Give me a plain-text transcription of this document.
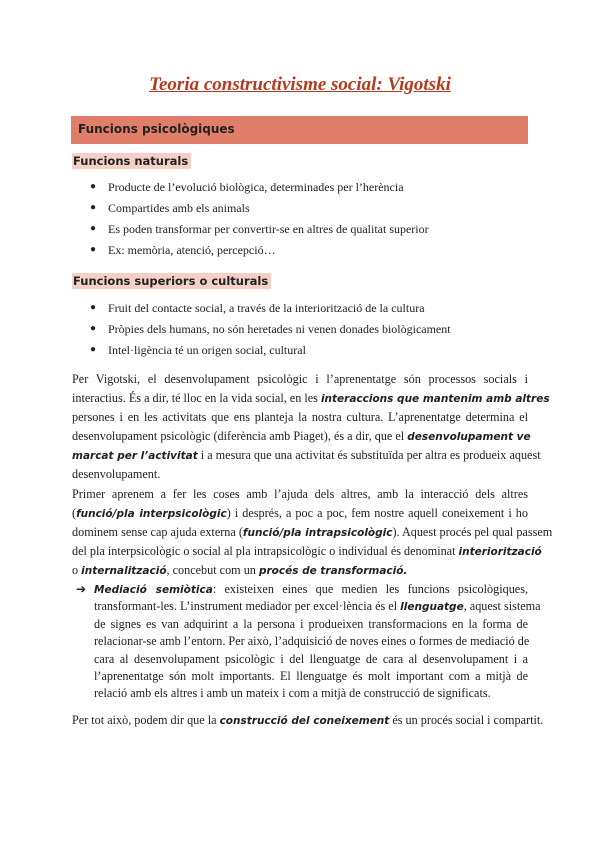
Teoria constructivisme social: Vigotski
Funcions psicològiques
Funcions naturals
● Producte de l’evolució biològica, determinades per l’herència
● Compartides amb els animals
● Es poden transformar per convertir-se en altres de qualitat superior
● Ex: memòria, atenció, percepció…
Funcions superiors o culturals
● Fruit del contacte social, a través de la interiorització de la cultura
● Pròpies dels humans, no són heretades ni venen donades biològicament
● Intel·ligència té un origen social, cultural
Per Vigotski, el desenvolupament psicològic i l’aprenentatge són processos socials i
interactius. És a dir, té lloc en la vida social, en les interaccions que mantenim amb altres
persones i en les activitats que ens planteja la nostra cultura. L’aprenentatge determina el
desenvolupament psicològic (diferència amb Piaget), és a dir, que el desenvolupament ve
marcat per l’activitat i a mesura que una activitat és substituïda per altra es produeix aquest
desenvolupament.
Primer aprenem a fer les coses amb l’ajuda dels altres, amb la interacció dels altres
(funció/pla interpsicològic) i després, a poc a poc, fem nostre aquell coneixement i ho
dominem sense cap ajuda externa (funció/pla intrapsicològic). Aquest procés pel qual passem
del pla interpsicològic o social al pla intrapsicològic o individual és denominat interiorització
o internalització, concebut com un procés de transformació.
➔ Mediació semiòtica: existeixen eines que medien les funcions psicològiques,
transformant-les. L’instrument mediador per excel·lència és el llenguatge, aquest sistema
de signes es van adquirint a la persona i produeixen transformacions en la forma de
relacionar-se amb l’entorn. Per això, l’adquisició de noves eines o formes de mediació de
cara al desenvolupament psicològic i del llenguatge de cara al desenvolupament i a
l’aprenentatge són molt importants. El llenguatge és molt important com a mitjà de
relació amb els altres i amb un mateix i com a mitjà de construcció de significats.
Per tot això, podem dir que la construcció del coneixement és un procés social i compartit.
